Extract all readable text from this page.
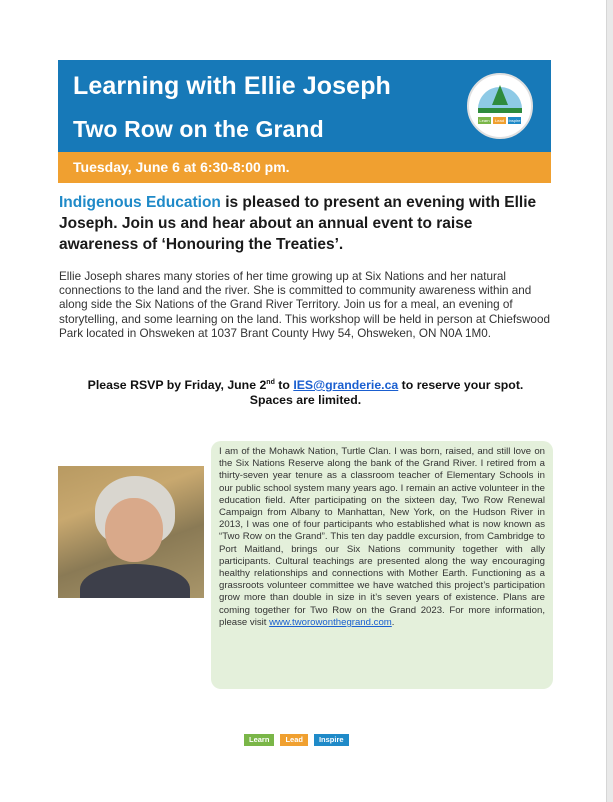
Learning with Ellie Joseph
Two Row on the Grand	Learn	Lead	Inspire
Tuesday, June 6 at 6:30-8:00 pm.

Indigenous Education is pleased to present an evening with Ellie Joseph. Join us and hear about an annual event to raise awareness of ‘Honouring the Treaties’.

Ellie Joseph shares many stories of her time growing up at Six Nations and her natural connections to the land and the river. She is committed to community awareness within and along side the Six Nations of the Grand River Territory. Join us for a meal, an evening of storytelling, and some learning on the land. This workshop will be held in person at Chiefswood Park located in Ohsweken at 1037 Brant County Hwy 54, Ohsweken, ON N0A 1M0.

Please RSVP by Friday, June 2nd to IES@granderie.ca to reserve your spot.
Spaces are limited.

I am of the Mohawk Nation, Turtle Clan. I was born, raised, and still love on the Six Nations Reserve along the bank of the Grand River. I retired from a thirty-seven year tenure as a classroom teacher of Elementary Schools in our public school system many years ago. I remain an active volunteer in the education field. After participating on the sixteen day, Two Row Renewal Campaign from Albany to Manhattan, New York, on the Hudson River in 2013, I was one of four participants who established what is now known as “Two Row on the Grand”. This ten day paddle excursion, from Cambridge to Port Maitland, brings our Six Nations community together with ally participants. Cultural teachings are presented along the way encouraging healthy relationships and connections with Mother Earth. Functioning as a grassroots volunteer committee we have watched this project’s participation grow more than double in size in it’s seven years of existence. Plans are coming together for Two Row on the Grand 2023. For more information, please visit www.tworowonthegrand.com.

Learn	Lead	Inspire
